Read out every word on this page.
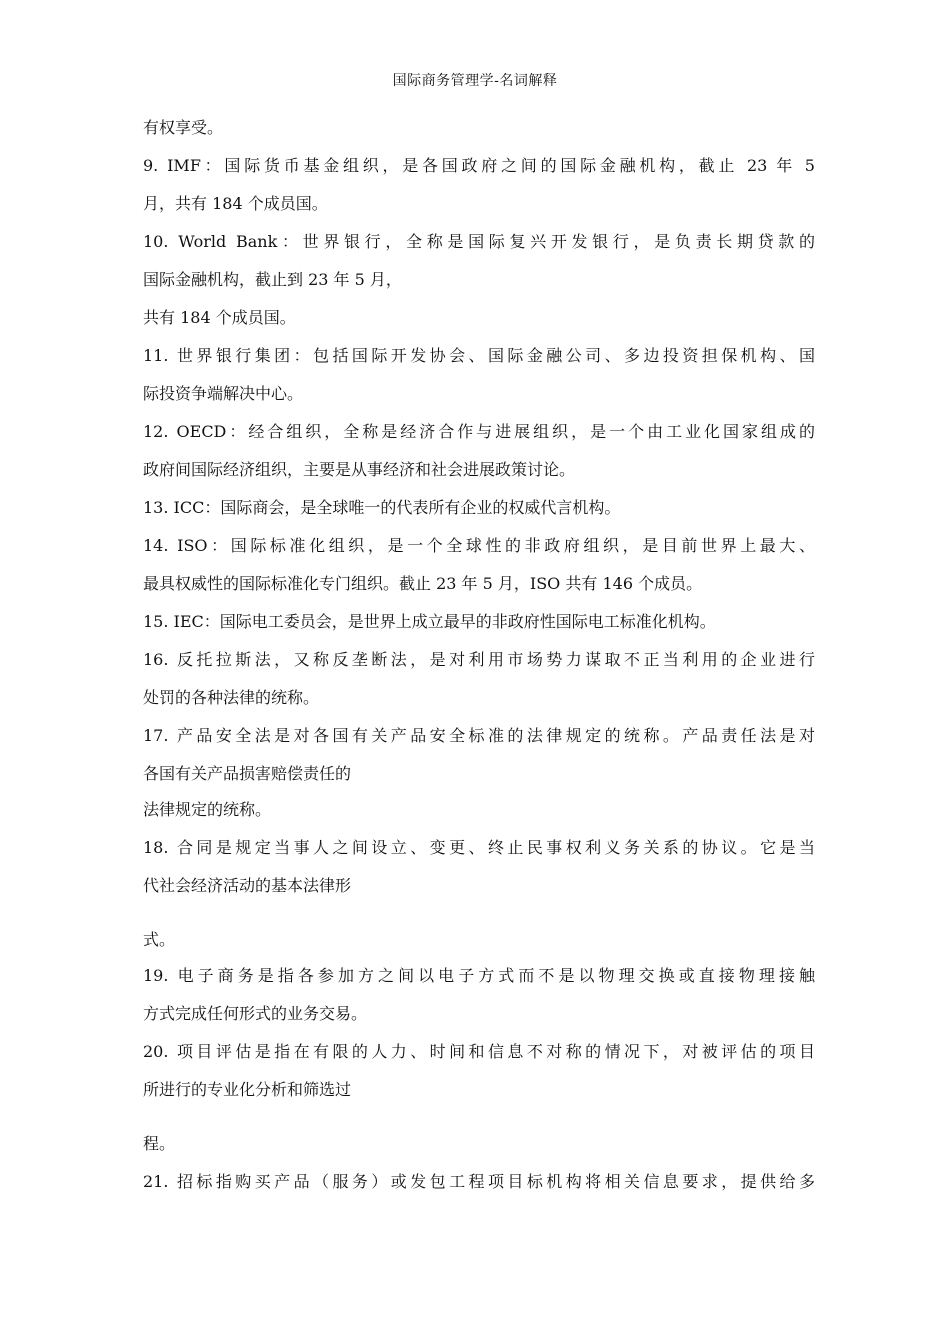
国际商务管理学-名词解释
有权享受。
9. IMF：国际货币基金组织，是各国政府之间的国际金融机构，截止 23 年 5
月，共有 184 个成员国。
10. World Bank：世界银行，全称是国际复兴开发银行，是负责长期贷款的
国际金融机构，截止到 23 年 5 月，
共有 184 个成员国。
11. 世界银行集团：包括国际开发协会、国际金融公司、多边投资担保机构、国
际投资争端解决中心。
12. OECD：经合组织，全称是经济合作与进展组织，是一个由工业化国家组成的
政府间国际经济组织，主要是从事经济和社会进展政策讨论。
13. ICC：国际商会，是全球唯一的代表所有企业的权威代言机构。
14. ISO：国际标准化组织，是一个全球性的非政府组织，是目前世界上最大、
最具权威性的国际标准化专门组织。截止 23 年 5 月，ISO 共有 146 个成员。
15. IEC：国际电工委员会，是世界上成立最早的非政府性国际电工标准化机构。
16. 反托拉斯法，又称反垄断法，是对利用市场势力谋取不正当利用的企业进行
处罚的各种法律的统称。
17. 产品安全法是对各国有关产品安全标准的法律规定的统称。产品责任法是对
各国有关产品损害赔偿责任的
法律规定的统称。
18. 合同是规定当事人之间设立、变更、终止民事权利义务关系的协议。它是当
代社会经济活动的基本法律形
式。
19. 电子商务是指各参加方之间以电子方式而不是以物理交换或直接物理接触
方式完成任何形式的业务交易。
20. 项目评估是指在有限的人力、时间和信息不对称的情况下，对被评估的项目
所进行的专业化分析和筛选过
程。
21. 招标指购买产品（服务）或发包工程项目标机构将相关信息要求，提供给多
